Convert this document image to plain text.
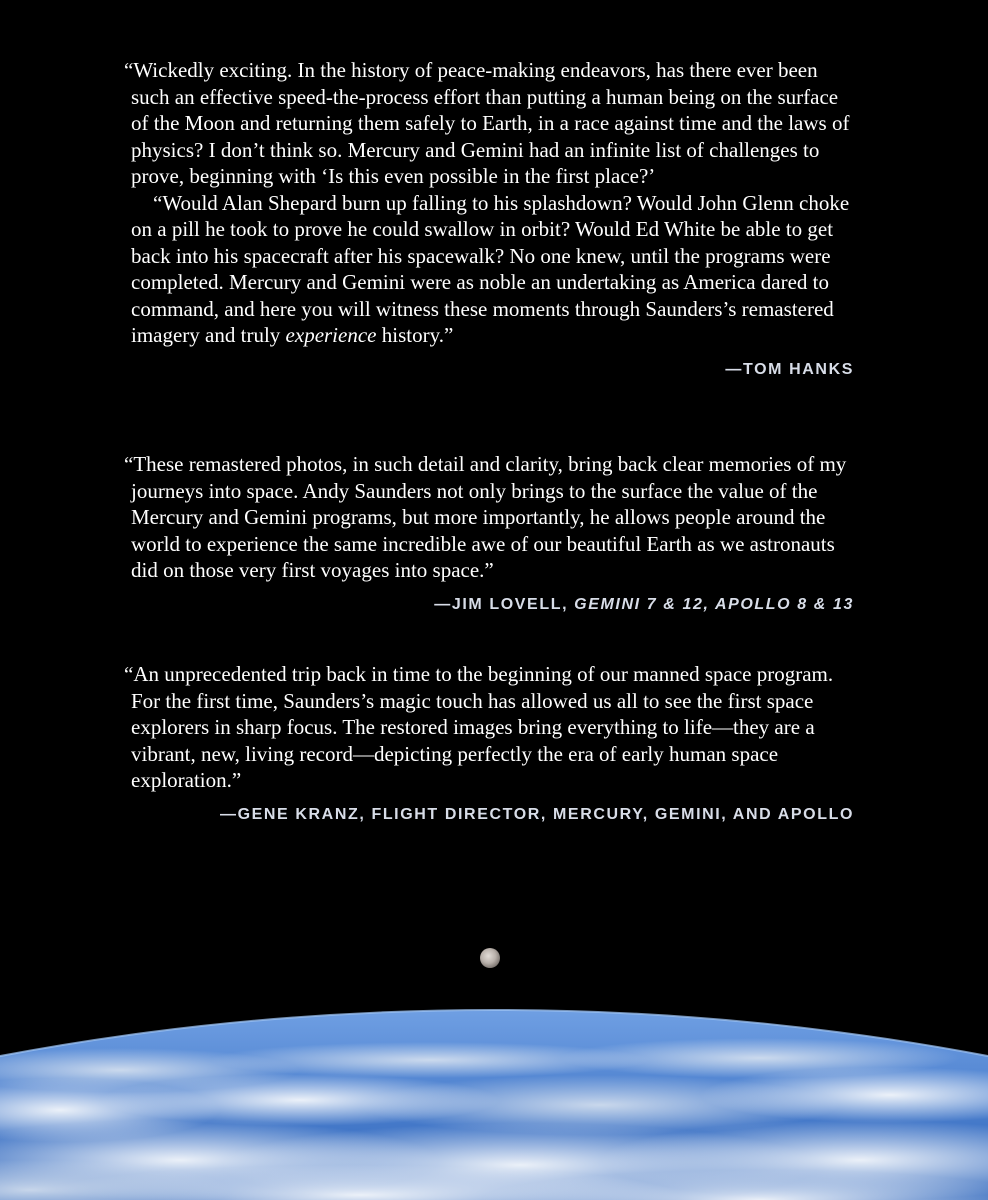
“Wickedly exciting. In the history of peace-making endeavors, has there ever been such an effective speed-the-process effort than putting a human being on the surface of the Moon and returning them safely to Earth, in a race against time and the laws of physics? I don’t think so. Mercury and Gemini had an infinite list of challenges to prove, beginning with ‘Is this even possible in the first place?’

“Would Alan Shepard burn up falling to his splashdown? Would John Glenn choke on a pill he took to prove he could swallow in orbit? Would Ed White be able to get back into his spacecraft after his spacewalk? No one knew, until the programs were completed. Mercury and Gemini were as noble an undertaking as America dared to command, and here you will witness these moments through Saunders’s remastered imagery and truly experience history.”

—TOM HANKS

“These remastered photos, in such detail and clarity, bring back clear memories of my journeys into space. Andy Saunders not only brings to the surface the value of the Mercury and Gemini programs, but more importantly, he allows people around the world to experience the same incredible awe of our beautiful Earth as we astronauts did on those very first voyages into space.”

—JIM LOVELL, GEMINI 7 & 12, APOLLO 8 & 13

“An unprecedented trip back in time to the beginning of our manned space program. For the first time, Saunders’s magic touch has allowed us all to see the first space explorers in sharp focus. The restored images bring everything to life—they are a vibrant, new, living record—depicting perfectly the era of early human space exploration.”

—GENE KRANZ, FLIGHT DIRECTOR, MERCURY, GEMINI, AND APOLLO
